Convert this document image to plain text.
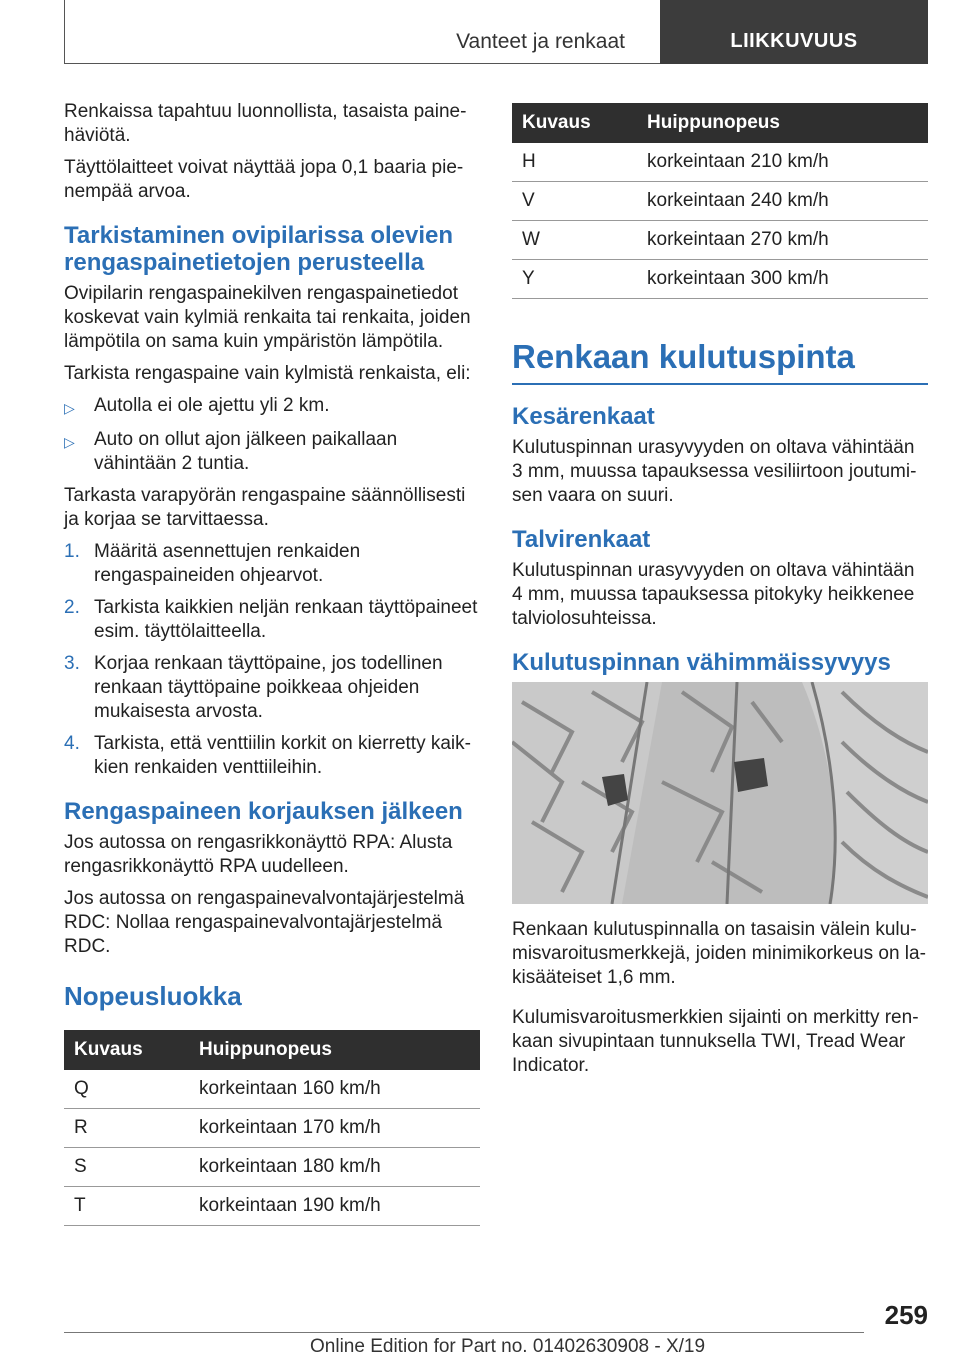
Vanteet ja renkaat	LIIKKUVUUS

Renkaissa tapahtuu luonnollista, tasaista painehäviötä.

Täyttölaitteet voivat näyttää jopa 0,1 baaria pienempää arvoa.

Tarkistaminen ovipilarissa olevien rengaspainetietojen perusteella

Ovipilarin rengaspainekilven rengaspainetiedot koskevat vain kylmiä renkaita tai renkaita, joiden lämpötila on sama kuin ympäristön lämpötila.

Tarkista rengaspaine vain kylmistä renkaista, eli:

▷	Autolla ei ole ajettu yli 2 km.
▷	Auto on ollut ajon jälkeen paikallaan vähintään 2 tuntia.

Tarkasta varapyörän rengaspaine säännöllisesti ja korjaa se tarvittaessa.

1. Määritä asennettujen renkaiden rengaspaineiden ohjearvot.
2. Tarkista kaikkien neljän renkaan täyttöpaineet esim. täyttölaitteella.
3. Korjaa renkaan täyttöpaine, jos todellinen renkaan täyttöpaine poikkeaa ohjeiden mukaisesta arvosta.
4. Tarkista, että venttiilin korkit on kierretty kaikkien renkaiden venttiileihin.
Rengaspaineen korjauksen jälkeen

Jos autossa on rengasrikkonäyttö RPA: Alusta rengasrikkonäyttö RPA uudelleen.

Jos autossa on rengaspainevalvontajärjestelmä RDC: Nollaa rengaspainevalvontajärjestelmä RDC.

Nopeusluokka
Kuvaus	Huippunopeus
Q	korkeintaan 160 km/h
R	korkeintaan 170 km/h
S	korkeintaan 180 km/h
T	korkeintaan 190 km/h
Kuvaus	Huippunopeus
H	korkeintaan 210 km/h
V	korkeintaan 240 km/h
W	korkeintaan 270 km/h
Y	korkeintaan 300 km/h
Renkaan kulutuspinta
Kesärenkaat

Kulutuspinnan urasyvyyden on oltava vähintään 3 mm, muussa tapauksessa vesiliirtoon joutumisen vaara on suuri.

Talvirenkaat

Kulutuspinnan urasyvyyden on oltava vähintään 4 mm, muussa tapauksessa pitokyky heikkenee talviolosuhteissa.

Kulutuspinnan vähimmäissyvyys

Renkaan kulutuspinnalla on tasaisin välein kulumisvaroitusmerkkejä, joiden minimikorkeus on lakisääteiset 1,6 mm.

Kulumisvaroitusmerkkien sijainti on merkitty renkaan sivupintaan tunnuksella TWI, Tread Wear Indicator.

259
Online Edition for Part no. 01402630908 - X/19
